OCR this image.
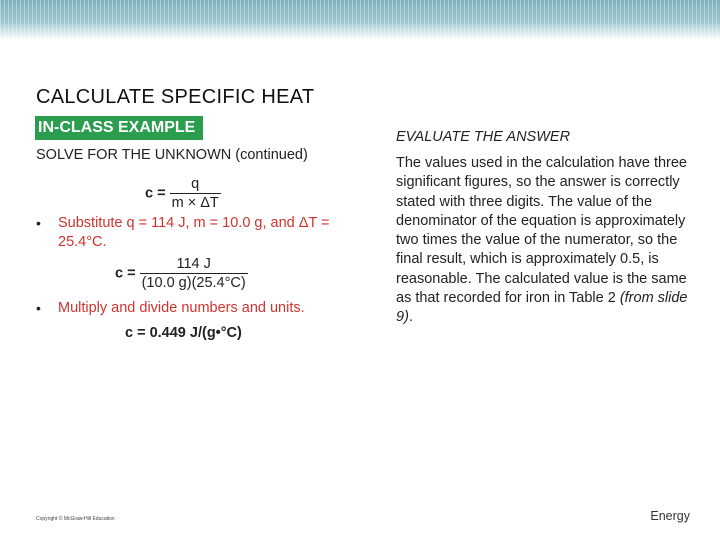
CALCULATE SPECIFIC HEAT
IN-CLASS EXAMPLE
SOLVE FOR THE UNKNOWN (continued)
$c = \frac{q}{m \times \Delta T}$
• Substitute q = 114 J, m = 10.0 g, and ΔT = 25.4°C.
$c = \frac{114 J}{(10.0 g)(25.4^\circ C)}$
• Multiply and divide numbers and units.
c = 0.449 J/(g•°C)
EVALUATE THE ANSWER
The values used in the calculation have three significant figures, so the answer is correctly stated with three digits. The value of the denominator of the equation is approximately two times the value of the numerator, so the final result, which is approximately 0.5, is reasonable. The calculated value is the same as that recorded for iron in Table 2 (from slide 9).
Copyright © McGraw-Hill Education	Energy
